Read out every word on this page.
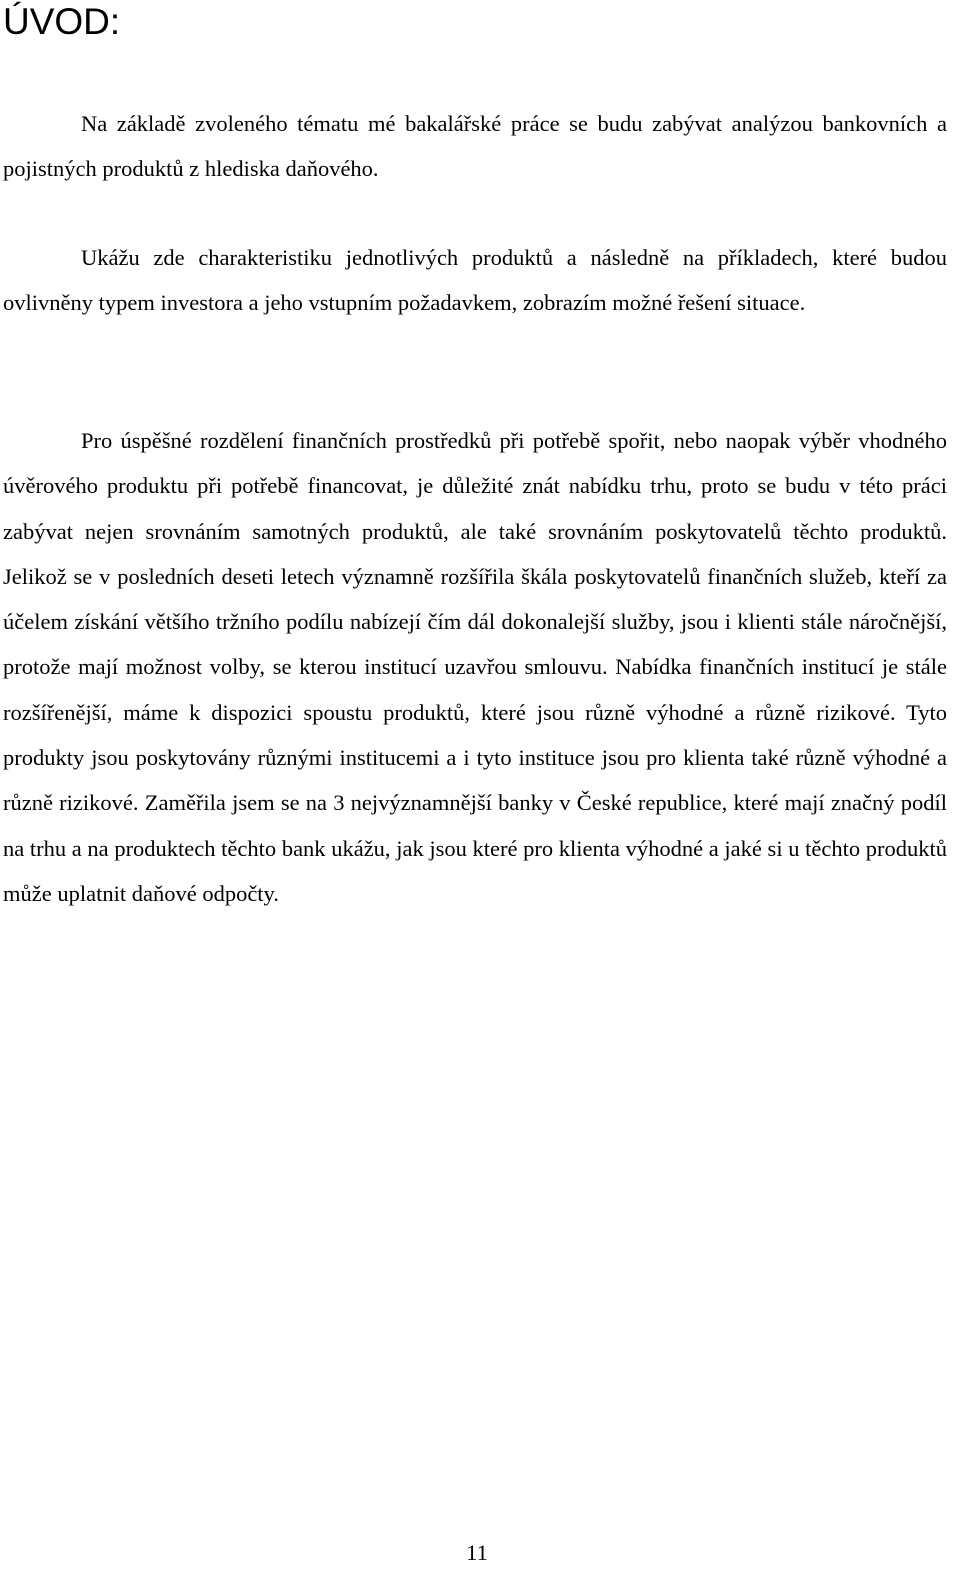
ÚVOD:

Na základě zvoleného tématu mé bakalářské práce se budu zabývat analýzou bankovních a pojistných produktů z hlediska daňového.

Ukážu zde charakteristiku jednotlivých produktů a následně na příkladech, které budou ovlivněny typem investora a jeho vstupním požadavkem, zobrazím možné řešení situace.

Pro úspěšné rozdělení finančních prostředků při potřebě spořit, nebo naopak výběr vhodného úvěrového produktu při potřebě financovat, je důležité znát nabídku trhu, proto se budu v této práci zabývat nejen srovnáním samotných produktů, ale také srovnáním poskytovatelů těchto produktů. Jelikož se v posledních deseti letech významně rozšířila škála poskytovatelů finančních služeb, kteří za účelem získání většího tržního podílu nabízejí čím dál dokonalejší služby, jsou i klienti stále náročnější, protože mají možnost volby, se kterou institucí uzavřou smlouvu. Nabídka finančních institucí je stále rozšířenější, máme k dispozici spoustu produktů, které jsou různě výhodné a různě rizikové. Tyto produkty jsou poskytovány různými institucemi a i tyto instituce jsou pro klienta také různě výhodné a různě rizikové. Zaměřila jsem se na 3 nejvýznamnější banky v České republice, které mají značný podíl na trhu a na produktech těchto bank ukážu, jak jsou které pro klienta výhodné a jaké si u těchto produktů může uplatnit daňové odpočty.

11
